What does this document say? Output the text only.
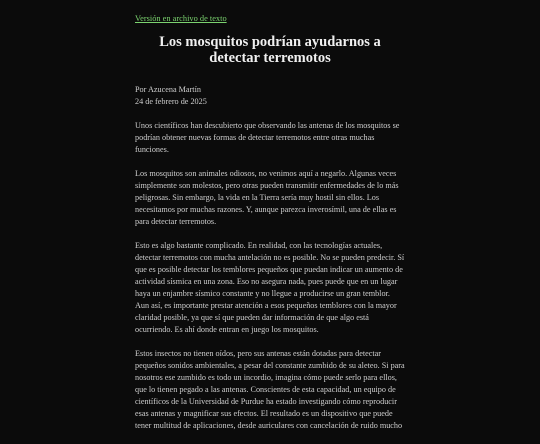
Versión en archivo de texto
Los mosquitos podrían ayudarnos a detectar terremotos
Por Azucena Martín
24 de febrero de 2025

Unos científicos han descubierto que observando las antenas de los mosquitos se podrían obtener nuevas formas de detectar terremotos entre otras muchas funciones.

Los mosquitos son animales odiosos, no venimos aquí a negarlo. Algunas veces simplemente son molestos, pero otras pueden transmitir enfermedades de lo más peligrosas. Sin embargo, la vida en la Tierra sería muy hostil sin ellos. Los necesitamos por muchas razones. Y, aunque parezca inverosímil, una de ellas es para detectar terremotos.

Esto es algo bastante complicado. En realidad, con las tecnologías actuales, detectar terremotos con mucha antelación no es posible. No se pueden predecir. Sí que es posible detectar los temblores pequeños que puedan indicar un aumento de actividad sísmica en una zona. Eso no asegura nada, pues puede que en un lugar haya un enjambre sísmico constante y no llegue a producirse un gran temblor. Aun así, es importante prestar atención a esos pequeños temblores con la mayor claridad posible, ya que sí que pueden dar información de que algo está ocurriendo. Es ahí donde entran en juego los mosquitos.

Estos insectos no tienen oídos, pero sus antenas están dotadas para detectar pequeños sonidos ambientales, a pesar del constante zumbido de su aleteo. Si para nosotros ese zumbido es todo un incordio, imagina cómo puede serlo para ellos, que lo tienen pegado a las antenas. Conscientes de esta capacidad, un equipo de científicos de la Universidad de Purdue ha estado investigando cómo reproducir esas antenas y magnificar sus efectos. El resultado es un dispositivo que puede tener multitud de aplicaciones, desde auriculares con cancelación de ruido mucho
